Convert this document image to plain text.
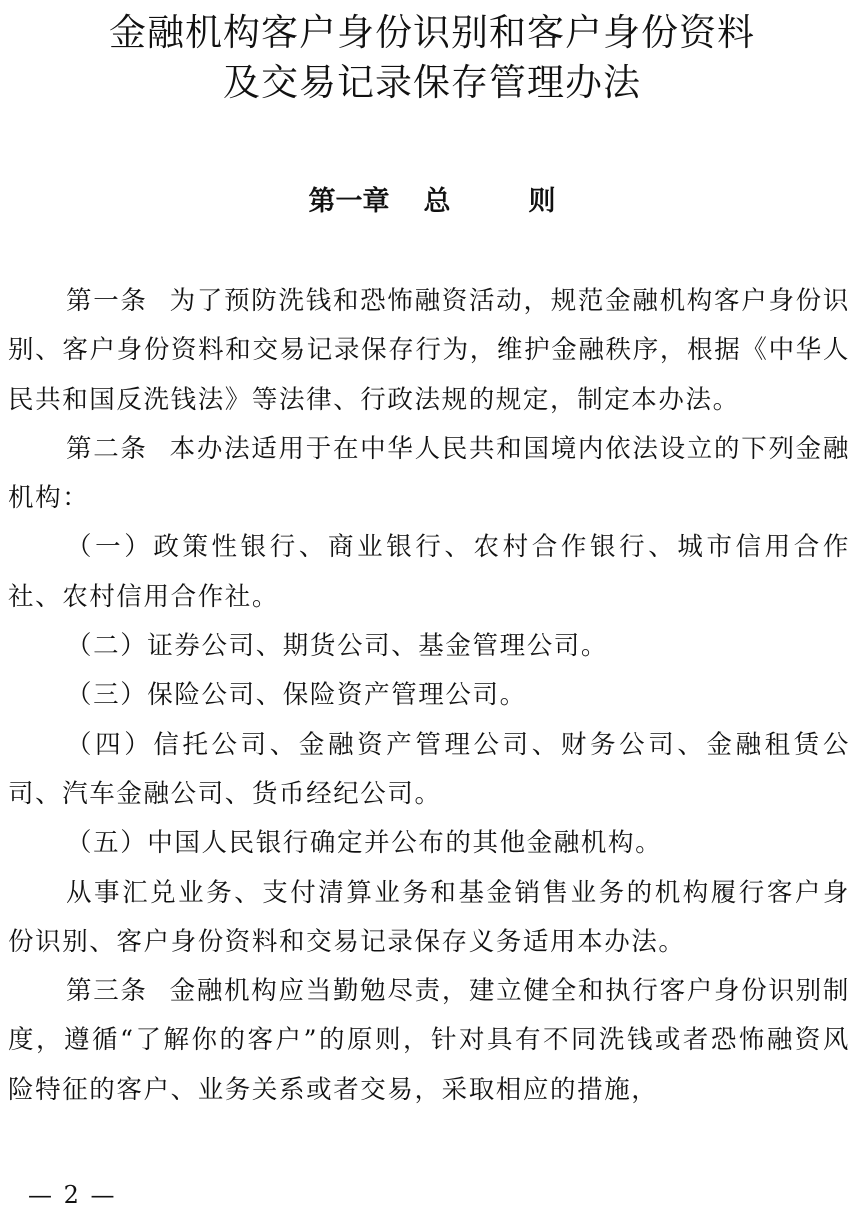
金融机构客户身份识别和客户身份资料
及交易记录保存管理办法
第一章 总	则

第一条 为了预防洗钱和恐怖融资活动，规范金融机构客户身份识别、客户身份资料和交易记录保存行为，维护金融秩序，根据《中华人民共和国反洗钱法》等法律、行政法规的规定，制定本办法。

第二条 本办法适用于在中华人民共和国境内依法设立的下列金融机构：

（一）政策性银行、商业银行、农村合作银行、城市信用合作社、农村信用合作社。

（二）证券公司、期货公司、基金管理公司。

（三）保险公司、保险资产管理公司。

（四）信托公司、金融资产管理公司、财务公司、金融租赁公司、汽车金融公司、货币经纪公司。

（五）中国人民银行确定并公布的其他金融机构。

从事汇兑业务、支付清算业务和基金销售业务的机构履行客户身份识别、客户身份资料和交易记录保存义务适用本办法。

第三条 金融机构应当勤勉尽责，建立健全和执行客户身份识别制度，遵循“了解你的客户”的原则，针对具有不同洗钱或者恐怖融资风险特征的客户、业务关系或者交易，采取相应的措施，

— 2 —
